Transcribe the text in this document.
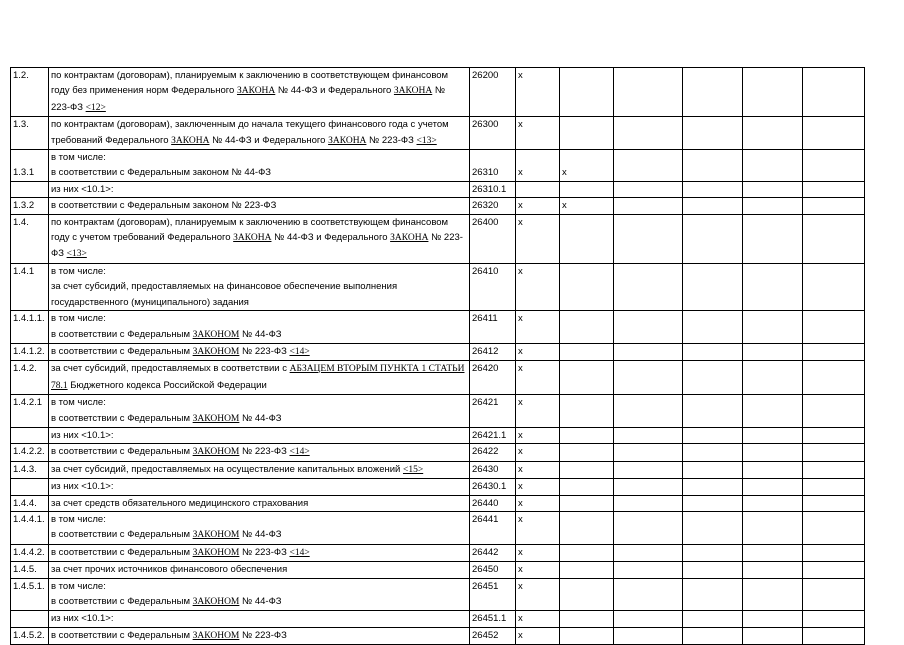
1.2.	по контрактам (договорам), планируемым к заключению в соответствующем финансовом
году без применения норм Федерального ЗАКОНА № 44-ФЗ и Федерального ЗАКОНА №
223-ФЗ <12>	26200	x					
1.3.	по контрактам (договорам), заключенным до начала текущего финансового года с учетом
требований Федерального ЗАКОНА № 44-ФЗ и Федерального ЗАКОНА № 223-ФЗ <13>	26300	x					
1.3.1	в том числе:
в соответствии с Федеральным законом № 44-ФЗ	26310	x	x				

	из них <10.1>:	26310.1						
1.3.2	в соответствии с Федеральным законом № 223-ФЗ	26320	x	x				
1.4.	по контрактам (договорам), планируемым к заключению в соответствующем финансовом
году с учетом требований Федерального ЗАКОНА № 44-ФЗ и Федерального ЗАКОНА № 223-
ФЗ <13>	26400	x					
1.4.1	в том числе:
за счет субсидий, предоставляемых на финансовое обеспечение выполнения
государственного (муниципального) задания	26410	x					
1.4.1.1.	в том числе:
в соответствии с Федеральным ЗАКОНОМ № 44-ФЗ	26411	x					
1.4.1.2.	в соответствии с Федеральным ЗАКОНОМ № 223-ФЗ <14>	26412	x					
1.4.2.	за счет субсидий, предоставляемых в соответствии с АБЗАЦЕМ ВТОРЫМ ПУНКТА 1 СТАТЬИ
78.1 Бюджетного кодекса Российской Федерации	26420	x					
1.4.2.1	в том числе:
в соответствии с Федеральным ЗАКОНОМ № 44-ФЗ	26421	x					

	из них <10.1>:	26421.1	x					
1.4.2.2.	в соответствии с Федеральным ЗАКОНОМ № 223-ФЗ <14>	26422	x					
1.4.3.	за счет субсидий, предоставляемых на осуществление капитальных вложений <15>	26430	x					

	из них <10.1>:	26430.1	x					
1.4.4.	за счет средств обязательного медицинского страхования	26440	x					
1.4.4.1.	в том числе:
в соответствии с Федеральным ЗАКОНОМ № 44-ФЗ	26441	x					
1.4.4.2.	в соответствии с Федеральным ЗАКОНОМ № 223-ФЗ <14>	26442	x					
1.4.5.	за счет прочих источников финансового обеспечения	26450	x					
1.4.5.1.	в том числе:
в соответствии с Федеральным ЗАКОНОМ № 44-ФЗ	26451	x					

	из них <10.1>:	26451.1	x					
1.4.5.2.	в соответствии с Федеральным ЗАКОНОМ № 223-ФЗ	26452	x					
